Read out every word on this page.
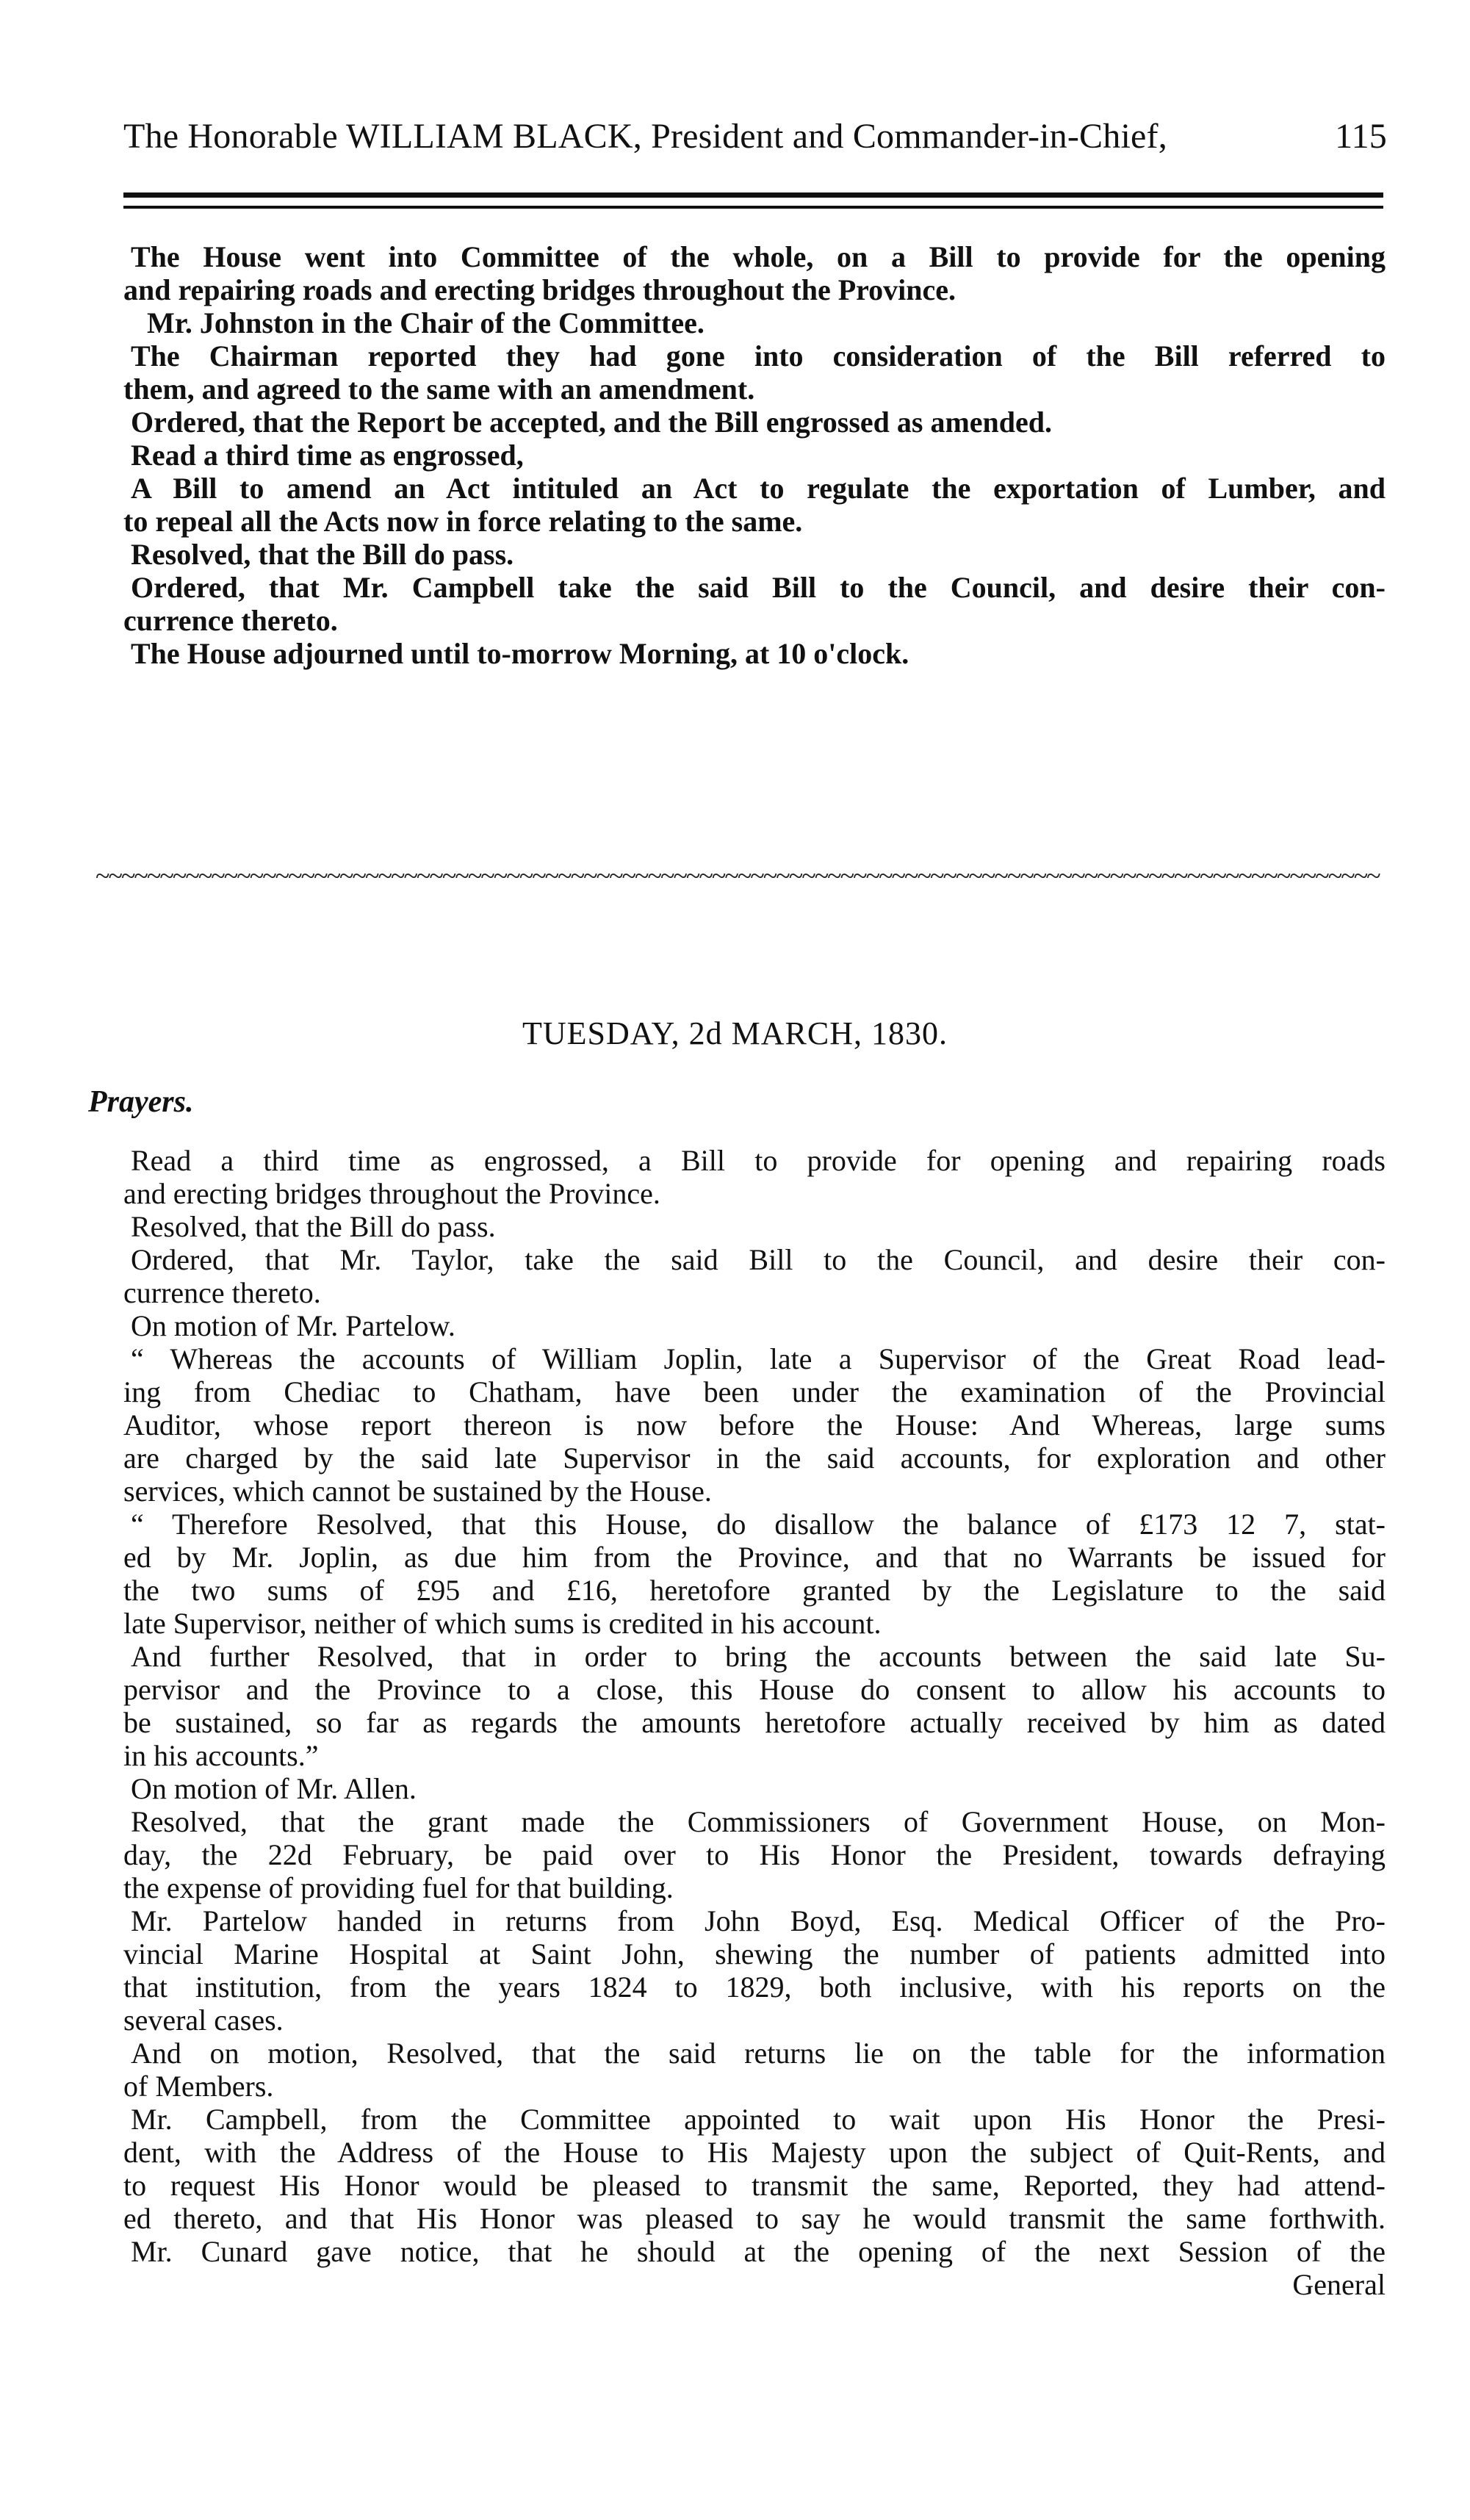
The Honorable WILLIAM BLACK, President and Commander-in-Chief,	115
The House went into Committee of the whole, on a Bill to provide for the opening
and repairing roads and erecting bridges throughout the Province.
Mr. Johnston in the Chair of the Committee.
The Chairman reported they had gone into consideration of the Bill referred to
them, and agreed to the same with an amendment.
Ordered, that the Report be accepted, and the Bill engrossed as amended.
Read a third time as engrossed,
A Bill to amend an Act intituled an Act to regulate the exportation of Lumber, and
to repeal all the Acts now in force relating to the same.
Resolved, that the Bill do pass.
Ordered, that Mr. Campbell take the said Bill to the Council, and desire their con-
currence thereto.
The House adjourned until to-morrow Morning, at 10 o'clock.
~~~~~~~~~~~~~~~~~~~~~~~~~~~~~~~~~~~~~~~~~~~~~~~~~~~~~~~~~~~~~~~~~~~~~~~~~~~~~~~~~~~~~~~~~~~~~~~~~~~~
TUESDAY, 2d MARCH, 1830.
Prayers.
Read a third time as engrossed, a Bill to provide for opening and repairing roads
and erecting bridges throughout the Province.
Resolved, that the Bill do pass.
Ordered, that Mr. Taylor, take the said Bill to the Council, and desire their con-
currence thereto.
On motion of Mr. Partelow.
“ Whereas the accounts of William Joplin, late a Supervisor of the Great Road lead-
ing from Chediac to Chatham, have been under the examination of the Provincial
Auditor, whose report thereon is now before the House: And Whereas, large sums
are charged by the said late Supervisor in the said accounts, for exploration and other
services, which cannot be sustained by the House.
“ Therefore Resolved, that this House, do disallow the balance of £173 12 7, stat-
ed by Mr. Joplin, as due him from the Province, and that no Warrants be issued for
the two sums of £95 and £16, heretofore granted by the Legislature to the said
late Supervisor, neither of which sums is credited in his account.
And further Resolved, that in order to bring the accounts between the said late Su-
pervisor and the Province to a close, this House do consent to allow his accounts to
be sustained, so far as regards the amounts heretofore actually received by him as dated
in his accounts.”
On motion of Mr. Allen.
Resolved, that the grant made the Commissioners of Government House, on Mon-
day, the 22d February, be paid over to His Honor the President, towards defraying
the expense of providing fuel for that building.
Mr. Partelow handed in returns from John Boyd, Esq. Medical Officer of the Pro-
vincial Marine Hospital at Saint John, shewing the number of patients admitted into
that institution, from the years 1824 to 1829, both inclusive, with his reports on the
several cases.
And on motion, Resolved, that the said returns lie on the table for the information
of Members.
Mr. Campbell, from the Committee appointed to wait upon His Honor the Presi-
dent, with the Address of the House to His Majesty upon the subject of Quit-Rents, and
to request His Honor would be pleased to transmit the same, Reported, they had attend-
ed thereto, and that His Honor was pleased to say he would transmit the same forthwith.
Mr. Cunard gave notice, that he should at the opening of the next Session of the
General
